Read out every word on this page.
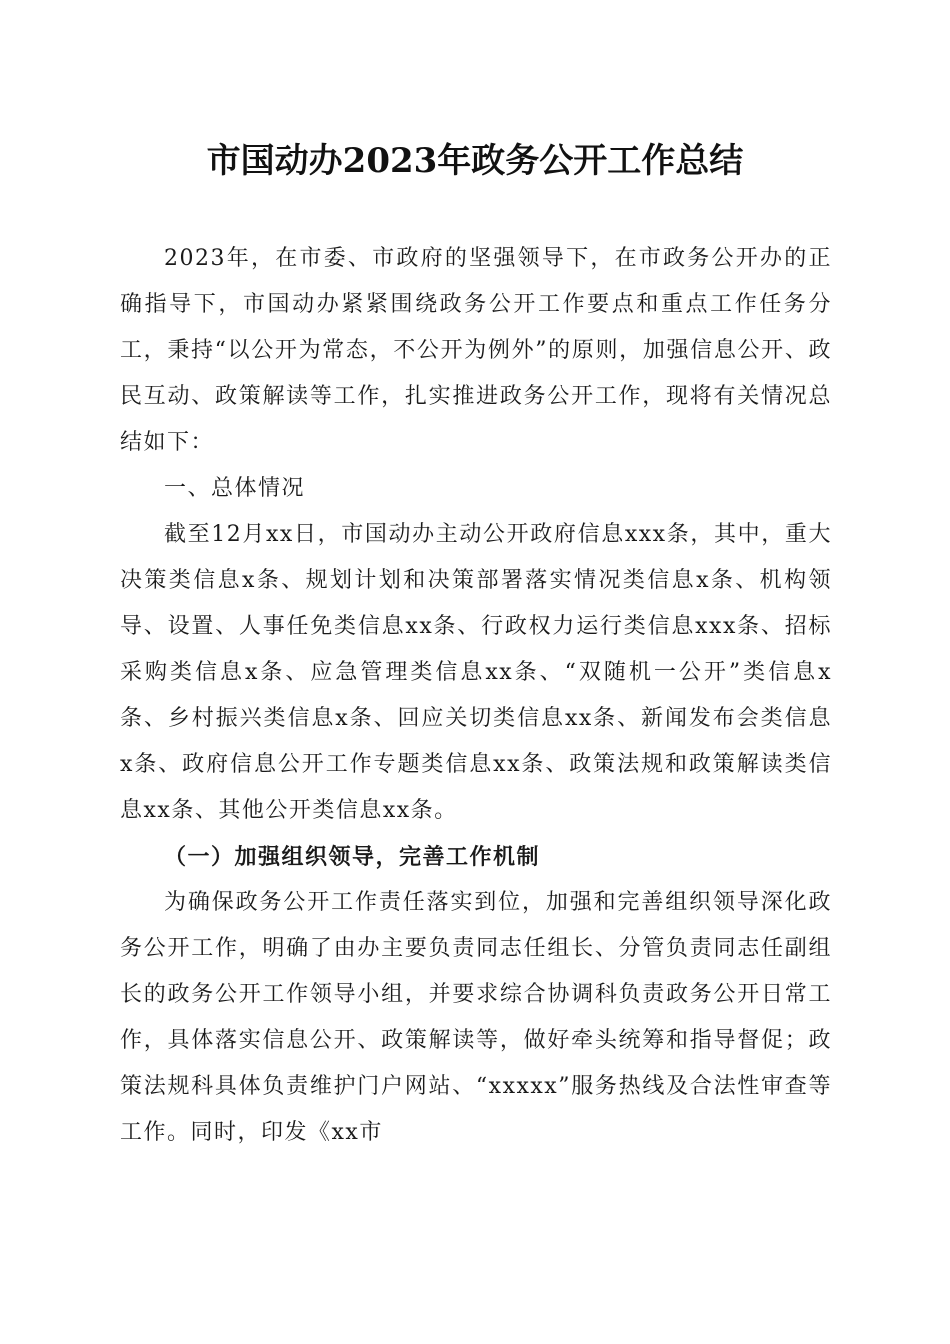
市国动办2023年政务公开工作总结

2023年，在市委、市政府的坚强领导下，在市政务公开办的正确指导下，市国动办紧紧围绕政务公开工作要点和重点工作任务分工，秉持“以公开为常态，不公开为例外”的原则，加强信息公开、政民互动、政策解读等工作，扎实推进政务公开工作，现将有关情况总结如下：

一、总体情况

截至12月xx日，市国动办主动公开政府信息xxx条，其中，重大决策类信息x条、规划计划和决策部署落实情况类信息x条、机构领导、设置、人事任免类信息xx条、行政权力运行类信息xxx条、招标采购类信息x条、应急管理类信息xx条、“双随机一公开”类信息x条、乡村振兴类信息x条、回应关切类信息xx条、新闻发布会类信息x条、政府信息公开工作专题类信息xx条、政策法规和政策解读类信息xx条、其他公开类信息xx条。

（一）加强组织领导，完善工作机制

为确保政务公开工作责任落实到位，加强和完善组织领导深化政务公开工作，明确了由办主要负责同志任组长、分管负责同志任副组长的政务公开工作领导小组，并要求综合协调科负责政务公开日常工作，具体落实信息公开、政策解读等，做好牵头统筹和指导督促；政策法规科具体负责维护门户网站、“xxxxx”服务热线及合法性审查等工作。同时，印发《xx市
